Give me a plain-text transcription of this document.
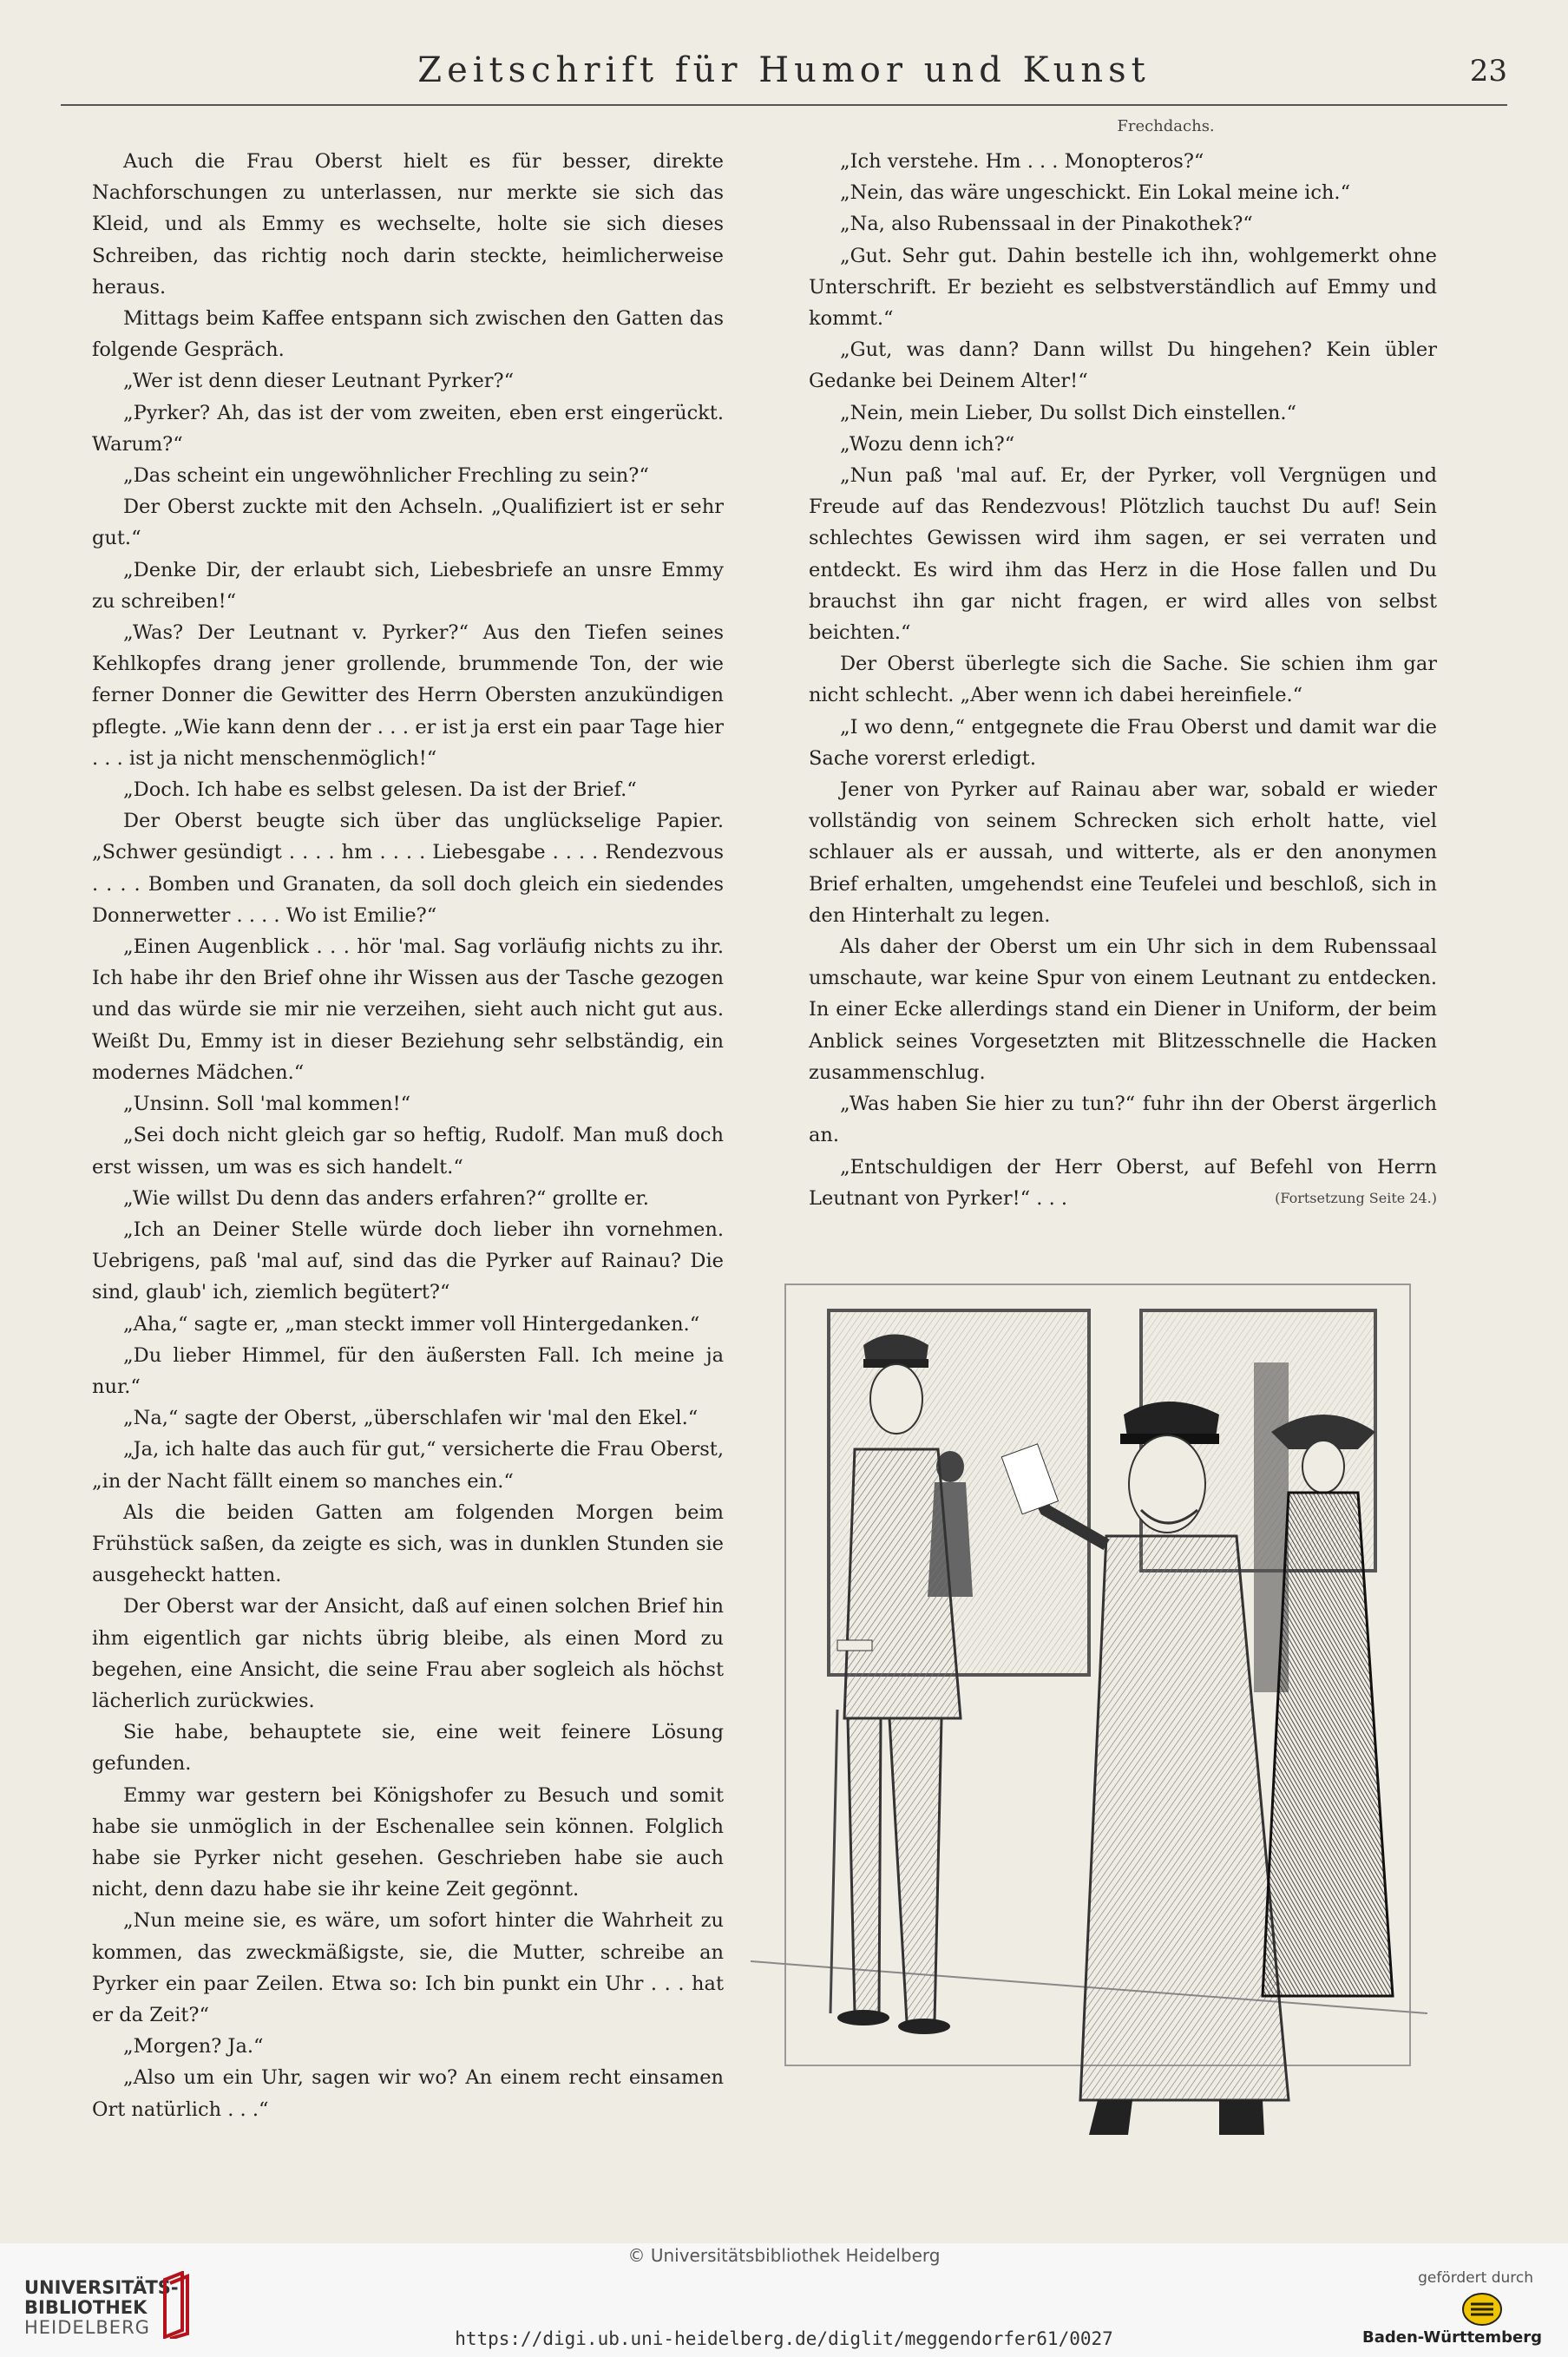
Zeitschrift für Humor und Kunst	23
Frechdachs.

Auch die Frau Oberst hielt es für besser, direkte Nachforschungen zu unterlassen, nur merkte sie sich das Kleid, und als Emmy es wechselte, holte sie sich dieses Schreiben, das richtig noch darin steckte, heimlicherweise heraus.

Mittags beim Kaffee entspann sich zwischen den Gatten das folgende Gespräch.

„Wer ist denn dieser Leutnant Pyrker?“

„Pyrker? Ah, das ist der vom zweiten, eben erst eingerückt. Warum?“

„Das scheint ein ungewöhnlicher Frechling zu sein?“

Der Oberst zuckte mit den Achseln. „Qualifiziert ist er sehr gut.“

„Denke Dir, der erlaubt sich, Liebesbriefe an unsre Emmy zu schreiben!“

„Was? Der Leutnant v. Pyrker?“ Aus den Tiefen seines Kehlkopfes drang jener grollende, brummende Ton, der wie ferner Donner die Gewitter des Herrn Obersten anzukündigen pflegte. „Wie kann denn der . . . er ist ja erst ein paar Tage hier . . . ist ja nicht menschenmöglich!“

„Doch. Ich habe es selbst gelesen. Da ist der Brief.“

Der Oberst beugte sich über das unglückselige Papier. „Schwer gesündigt . . . . hm . . . . Liebesgabe . . . . Rendezvous . . . . Bomben und Granaten, da soll doch gleich ein siedendes Donnerwetter . . . . Wo ist Emilie?“

„Einen Augenblick . . . hör 'mal. Sag vorläufig nichts zu ihr. Ich habe ihr den Brief ohne ihr Wissen aus der Tasche gezogen und das würde sie mir nie verzeihen, sieht auch nicht gut aus. Weißt Du, Emmy ist in dieser Beziehung sehr selbständig, ein modernes Mädchen.“

„Unsinn. Soll 'mal kommen!“

„Sei doch nicht gleich gar so heftig, Rudolf. Man muß doch erst wissen, um was es sich handelt.“

„Wie willst Du denn das anders erfahren?“ grollte er.

„Ich an Deiner Stelle würde doch lieber ihn vornehmen. Uebrigens, paß 'mal auf, sind das die Pyrker auf Rainau? Die sind, glaub' ich, ziemlich begütert?“

„Aha,“ sagte er, „man steckt immer voll Hintergedanken.“

„Du lieber Himmel, für den äußersten Fall. Ich meine ja nur.“

„Na,“ sagte der Oberst, „überschlafen wir 'mal den Ekel.“

„Ja, ich halte das auch für gut,“ versicherte die Frau Oberst, „in der Nacht fällt einem so manches ein.“

Als die beiden Gatten am folgenden Morgen beim Frühstück saßen, da zeigte es sich, was in dunklen Stunden sie ausgeheckt hatten.

Der Oberst war der Ansicht, daß auf einen solchen Brief hin ihm eigentlich gar nichts übrig bleibe, als einen Mord zu begehen, eine Ansicht, die seine Frau aber sogleich als höchst lächerlich zurückwies.

Sie habe, behauptete sie, eine weit feinere Lösung gefunden.

Emmy war gestern bei Königshofer zu Besuch und somit habe sie unmöglich in der Eschenallee sein können. Folglich habe sie Pyrker nicht gesehen. Geschrieben habe sie auch nicht, denn dazu habe sie ihr keine Zeit gegönnt.

„Nun meine sie, es wäre, um sofort hinter die Wahrheit zu kommen, das zweckmäßigste, sie, die Mutter, schreibe an Pyrker ein paar Zeilen. Etwa so: Ich bin punkt ein Uhr . . . hat er da Zeit?“

„Morgen? Ja.“

„Also um ein Uhr, sagen wir wo? An einem recht einsamen Ort natürlich . . .“

„Ich verstehe. Hm . . . Monopteros?“

„Nein, das wäre ungeschickt. Ein Lokal meine ich.“

„Na, also Rubenssaal in der Pinakothek?“

„Gut. Sehr gut. Dahin bestelle ich ihn, wohlgemerkt ohne Unterschrift. Er bezieht es selbstverständlich auf Emmy und kommt.“

„Gut, was dann? Dann willst Du hingehen? Kein übler Gedanke bei Deinem Alter!“

„Nein, mein Lieber, Du sollst Dich einstellen.“

„Wozu denn ich?“

„Nun paß 'mal auf. Er, der Pyrker, voll Vergnügen und Freude auf das Rendezvous! Plötzlich tauchst Du auf! Sein schlechtes Gewissen wird ihm sagen, er sei verraten und entdeckt. Es wird ihm das Herz in die Hose fallen und Du brauchst ihn gar nicht fragen, er wird alles von selbst beichten.“

Der Oberst überlegte sich die Sache. Sie schien ihm gar nicht schlecht. „Aber wenn ich dabei hereinfiele.“

„I wo denn,“ entgegnete die Frau Oberst und damit war die Sache vorerst erledigt.

Jener von Pyrker auf Rainau aber war, sobald er wieder vollständig von seinem Schrecken sich erholt hatte, viel schlauer als er aussah, und witterte, als er den anonymen Brief erhalten, umgehendst eine Teufelei und beschloß, sich in den Hinterhalt zu legen.

Als daher der Oberst um ein Uhr sich in dem Rubenssaal umschaute, war keine Spur von einem Leutnant zu entdecken. In einer Ecke allerdings stand ein Diener in Uniform, der beim Anblick seines Vorgesetzten mit Blitzesschnelle die Hacken zusammenschlug.

„Was haben Sie hier zu tun?“ fuhr ihn der Oberst ärgerlich an.

„Entschuldigen der Herr Oberst, auf Befehl von Herrn Leutnant von Pyrker!“ . . .	(Fortsetzung Seite 24.)
© Universitätsbibliothek Heidelberg
UNIVERSITÄTS-
BIBLIOTHEK
HEIDELBERG
https://digi.ub.uni-heidelberg.de/diglit/meggendorfer61/0027
gefördert durch
Baden-Württemberg
